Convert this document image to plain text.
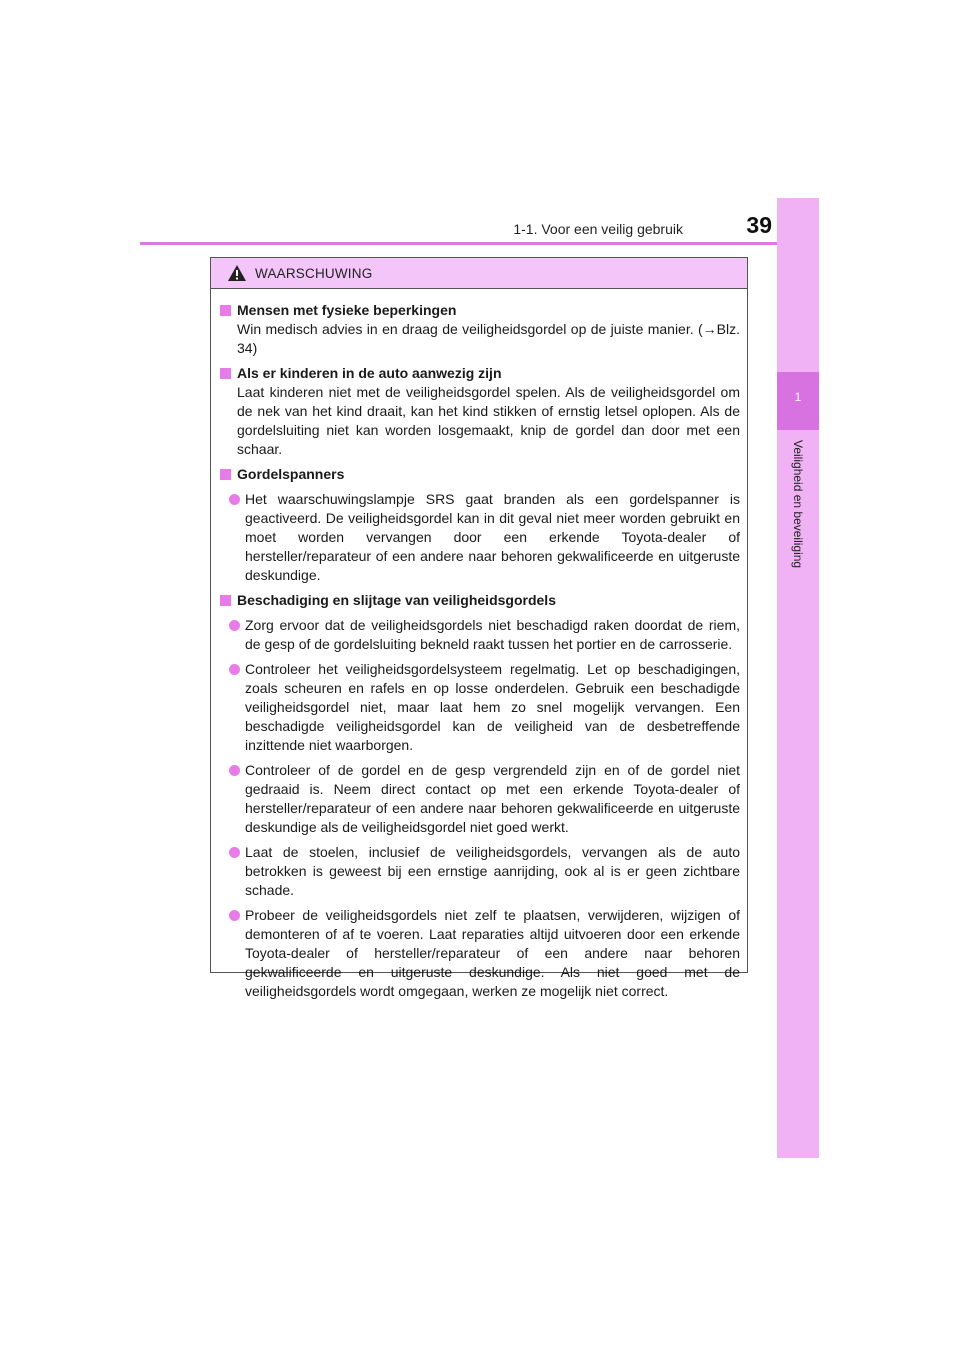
1-1. Voor een veilig gebruik	39
1
Veiligheid en beveiliging
WAARSCHUWING
Mensen met fysieke beperkingen
Win medisch advies in en draag de veiligheidsgordel op de juiste manier. (→Blz. 34)
Als er kinderen in de auto aanwezig zijn
Laat kinderen niet met de veiligheidsgordel spelen. Als de veiligheidsgordel om de nek van het kind draait, kan het kind stikken of ernstig letsel oplopen. Als de gordelsluiting niet kan worden losgemaakt, knip de gordel dan door met een schaar.
Gordelspanners
Het waarschuwingslampje SRS gaat branden als een gordelspanner is geactiveerd. De veiligheidsgordel kan in dit geval niet meer worden gebruikt en moet worden vervangen door een erkende Toyota-dealer of hersteller/reparateur of een andere naar behoren gekwalificeerde en uitgeruste deskundige.
Beschadiging en slijtage van veiligheidsgordels
Zorg ervoor dat de veiligheidsgordels niet beschadigd raken doordat de riem, de gesp of de gordelsluiting bekneld raakt tussen het portier en de carrosserie.
Controleer het veiligheidsgordelsysteem regelmatig. Let op beschadigingen, zoals scheuren en rafels en op losse onderdelen. Gebruik een beschadigde veiligheidsgordel niet, maar laat hem zo snel mogelijk vervangen. Een beschadigde veiligheidsgordel kan de veiligheid van de desbetreffende inzittende niet waarborgen.
Controleer of de gordel en de gesp vergrendeld zijn en of de gordel niet gedraaid is. Neem direct contact op met een erkende Toyota-dealer of hersteller/reparateur of een andere naar behoren gekwalificeerde en uitgeruste deskundige als de veiligheidsgordel niet goed werkt.
Laat de stoelen, inclusief de veiligheidsgordels, vervangen als de auto betrokken is geweest bij een ernstige aanrijding, ook al is er geen zichtbare schade.
Probeer de veiligheidsgordels niet zelf te plaatsen, verwijderen, wijzigen of demonteren of af te voeren. Laat reparaties altijd uitvoeren door een erkende Toyota-dealer of hersteller/reparateur of een andere naar behoren gekwalificeerde en uitgeruste deskundige. Als niet goed met de veiligheidsgordels wordt omgegaan, werken ze mogelijk niet correct.
